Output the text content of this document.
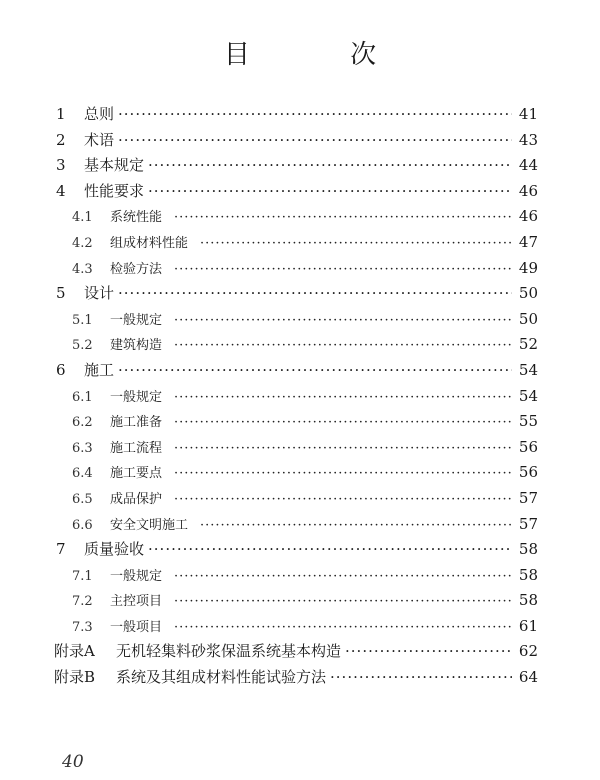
目 次
1	总则 ·····	41
2	术语 ·····	43
3	基本规定 ·····	44
4	性能要求 ·····	46
4.1	系统性能 ·····	46
4.2	组成材料性能 ·····	47
4.3	检验方法 ·····	49
5	设计 ·····	50
5.1	一般规定 ·····	50
5.2	建筑构造 ·····	52
6	施工 ·····	54
6.1	一般规定 ·····	54
6.2	施工准备 ·····	55
6.3	施工流程 ·····	56
6.4	施工要点 ·····	56
6.5	成品保护 ·····	57
6.6	安全文明施工 ·····	57
7	质量验收 ·····	58
7.1	一般规定 ·····	58
7.2	主控项目 ·····	58
7.3	一般项目 ·····	61
附录A	无机轻集料砂浆保温系统基本构造 ·····	62
附录B	系统及其组成材料性能试验方法 ·····	64
40
